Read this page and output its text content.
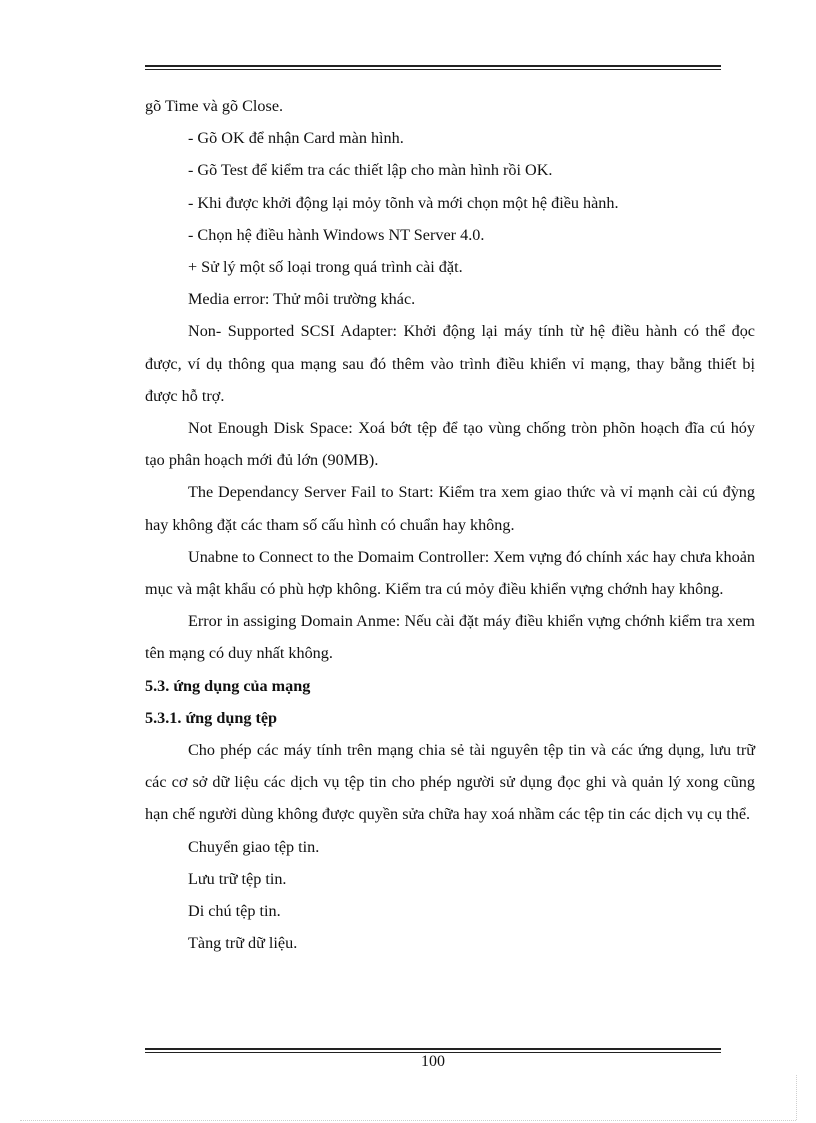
gõ Time và gõ Close.

- Gõ OK để nhận Card màn hình.

- Gõ Test để kiểm tra các thiết lập cho màn hình rồi OK.

- Khi được khởi động lại mỏy tõnh và mới chọn một hệ điều hành.

- Chọn hệ điều hành Windows NT Server 4.0.

+ Sử lý một số loại trong quá trình cài đặt.

Media error: Thử môi trường khác.

Non- Supported SCSI Adapter: Khởi động lại máy tính từ hệ điều hành có thể đọc được, ví dụ thông qua mạng sau đó thêm vào trình điều khiển vỉ mạng, thay bằng thiết bị được hỗ trợ.

Not Enough Disk Space: Xoá bớt tệp để tạo vùng chống tròn phõn hoạch đĩa cú hóy tạo phân hoạch mới đủ lớn (90MB).

The Dependancy Server Fail to Start: Kiểm tra xem giao thức và vỉ mạnh cài cú đỳng hay không đặt các tham số cấu hình có chuẩn hay không.

Unabne to Connect to the Domaim Controller: Xem vựng đó chính xác hay chưa khoản mục và mật khẩu có phù hợp không. Kiểm tra cú mỏy điều khiển vựng chớnh hay không.

Error in assiging Domain Anme: Nếu cài đặt máy điều khiển vựng chớnh kiểm tra xem tên mạng có duy nhất không.

5.3. ứng dụng của mạng

5.3.1. ứng dụng tệp

Cho phép các máy tính trên mạng chia sẻ tài nguyên tệp tin và các ứng dụng, lưu trữ các cơ sở dữ liệu các dịch vụ tệp tin cho phép người sử dụng đọc ghi và quản lý xong cũng hạn chế người dùng không được quyền sửa chữa hay xoá nhầm các tệp tin các dịch vụ cụ thể.

Chuyển giao tệp tin.

Lưu trữ tệp tin.

Di chú tệp tin.

Tàng trữ dữ liệu.

100
